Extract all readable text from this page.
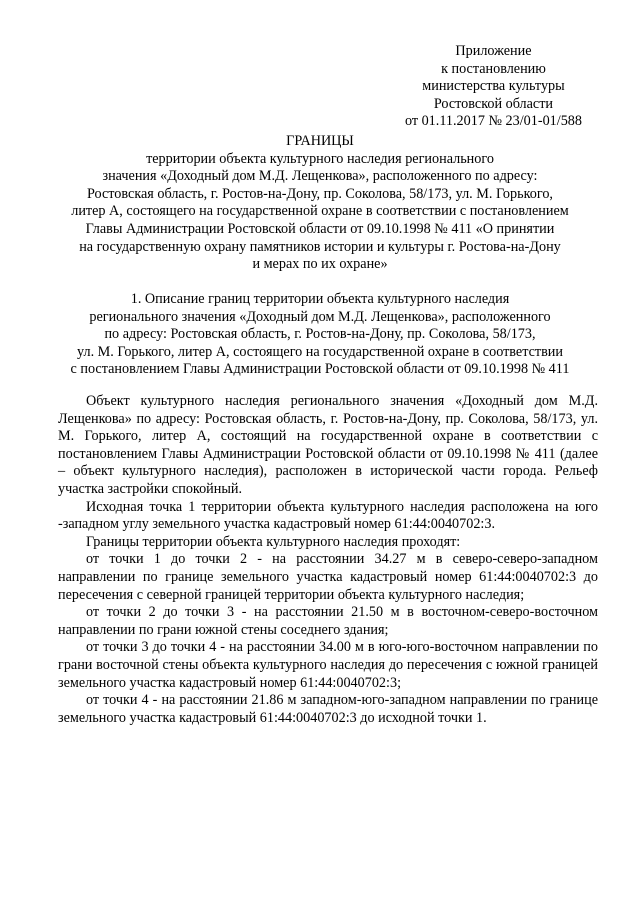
Приложение
к постановлению
министерства культуры
Ростовской области
от 01.11.2017 № 23/01-01/588
ГРАНИЦЫ
территории объекта культурного наследия регионального
значения «Доходный дом М.Д. Лещенкова», расположенного по адресу:
Ростовская область, г. Ростов-на-Дону, пр. Соколова, 58/173, ул. М. Горького,
литер А, состоящего на государственной охране в соответствии с постановлением
Главы Администрации Ростовской области от 09.10.1998 № 411 «О принятии
на государственную охрану памятников истории и культуры г. Ростова-на-Дону
и мерах по их охране»
1. Описание границ территории объекта культурного наследия
регионального значения «Доходный дом М.Д. Лещенкова», расположенного
по адресу: Ростовская область, г. Ростов-на-Дону, пр. Соколова, 58/173,
ул. М. Горького, литер А, состоящего на государственной охране в соответствии
с постановлением Главы Администрации Ростовской области от 09.10.1998 № 411

Объект культурного наследия регионального значения «Доходный дом М.Д. Лещенкова» по адресу: Ростовская область, г. Ростов-на-Дону, пр. Соколова, 58/173, ул. М. Горького, литер А, состоящий на государственной охране в соответствии с постановлением Главы Администрации Ростовской области от 09.10.1998 № 411 (далее – объект культурного наследия), расположен в исторической части города. Рельеф участка застройки спокойный.

Исходная точка 1 территории объекта культурного наследия расположена на юго -западном углу земельного участка кадастровый номер 61:44:0040702:3.

Границы территории объекта культурного наследия проходят:

от точки 1 до точки 2 - на расстоянии 34.27 м в северо-северо-западном направлении по границе земельного участка кадастровый номер 61:44:0040702:3 до пересечения с северной границей территории объекта культурного наследия;

от точки 2 до точки 3 - на расстоянии 21.50 м в восточном-северо-восточном направлении по грани южной стены соседнего здания;

от точки 3 до точки 4 - на расстоянии 34.00 м в юго-юго-восточном направлении по грани восточной стены объекта культурного наследия до пересечения с южной границей земельного участка кадастровый номер 61:44:0040702:3;

от точки 4 - на расстоянии 21.86 м западном-юго-западном направлении по границе земельного участка кадастровый 61:44:0040702:3 до исходной точки 1.
